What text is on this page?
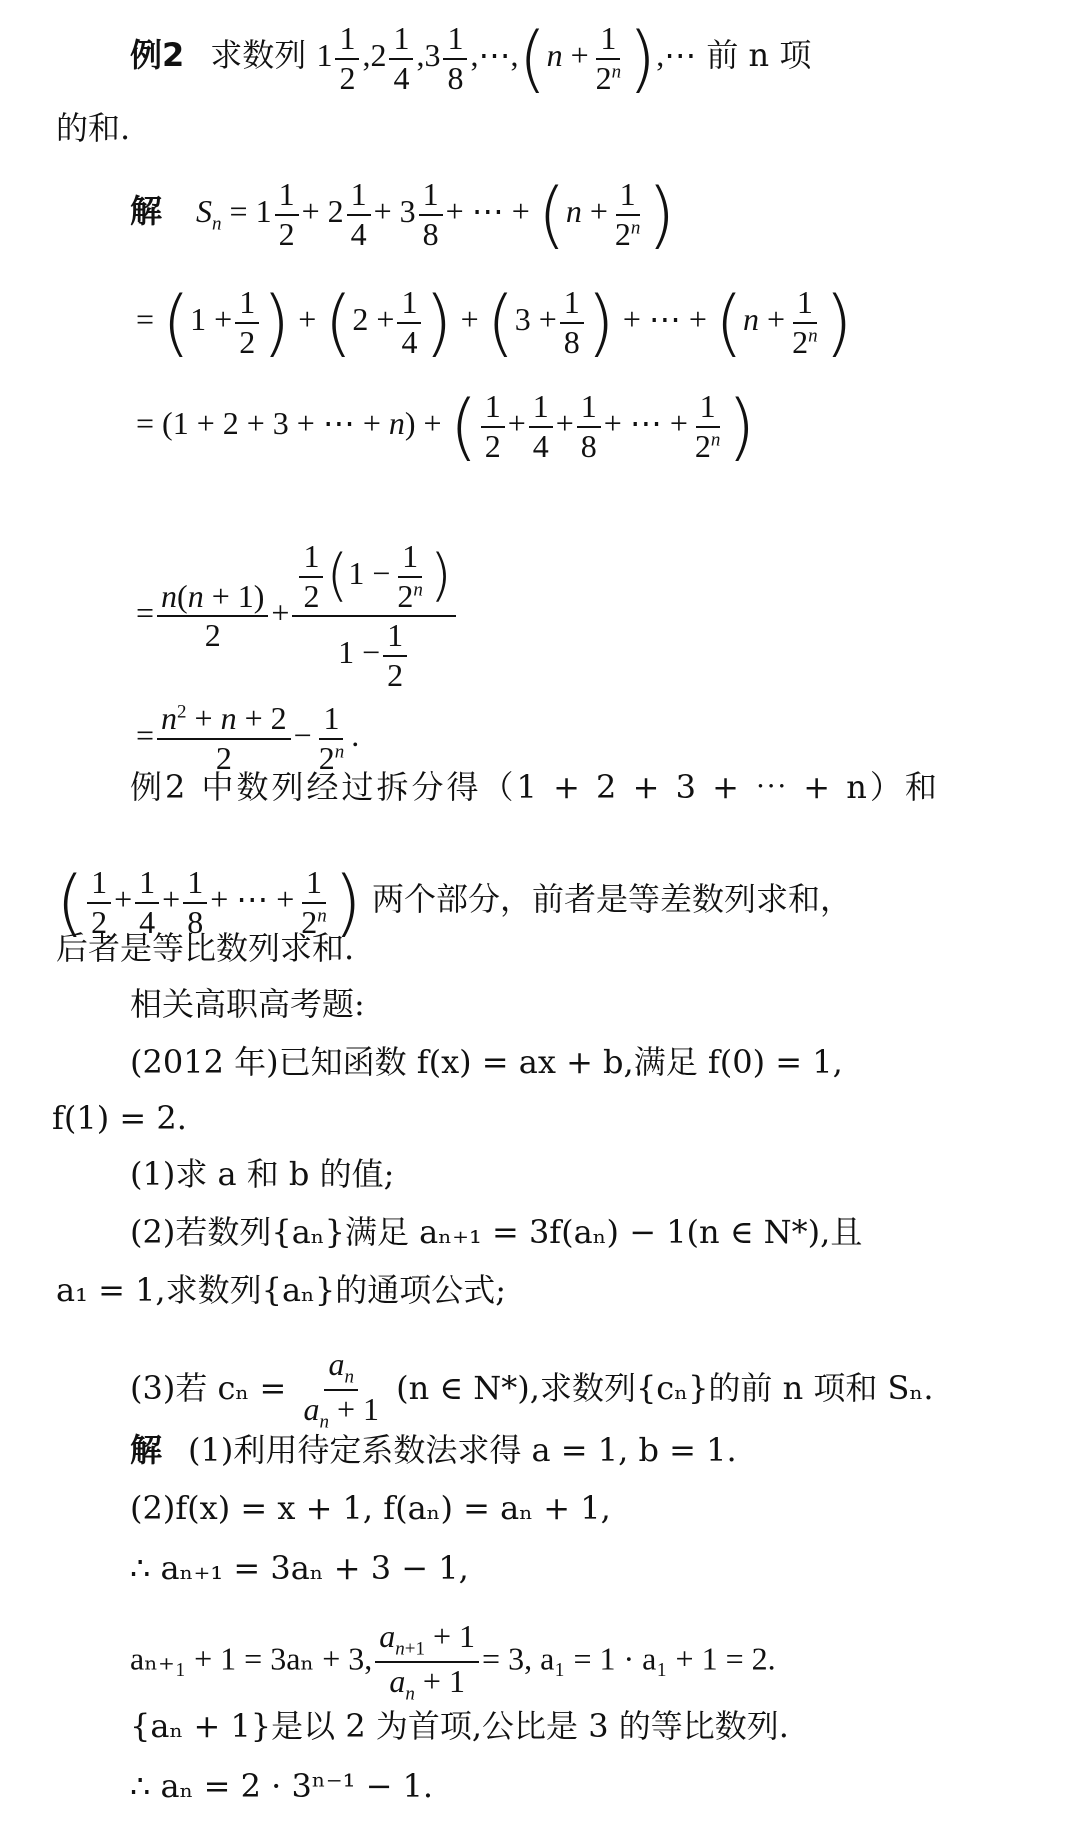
例2 求数列 $1 \frac{1}{2} ,2 \frac{1}{4} ,3 \frac{1}{8}$ ,⋯,(n + $\frac{1}{2^n}$ ),⋯ 前 n 项
的和.
解 $S_n = 1 \frac{1}{2} + 2 \frac{1}{4} + 3 \frac{1}{8}$ + ⋯ + ($n + \frac{1}{2^n}$ )
= ($1 + \frac{1}{2}$ ) + ($2 + \frac{1}{4}$ ) + ($3 + \frac{1}{8}$ ) + ⋯ + ($n + \frac{1}{2^n}$ )
= (1 + 2 + 3 + ⋯ + n) + ( $\frac{1}{2} + \frac{1}{4} + \frac{1}{8}$ + ⋯ + $\frac{1}{2^n}$ )
= $\frac{n(n + 1)}{2} + \frac{\frac{1}{2} (1 - \frac{1}{2^n} )}{1 - \frac{1}{2}}$
= $\frac{n^2 + n + 2}{2} - \frac{1}{2^n}$ .
例2 中数列经过拆分得（1 + 2 + 3 + ⋯ + n）和
( $\frac{1}{2} + \frac{1}{4} + \frac{1}{8}$ + ⋯ + $\frac{1}{2^n}$ ) 两个部分，前者是等差数列求和，
后者是等比数列求和.
相关高职高考题:
(2012 年)已知函数 f(x) = ax + b,满足 f(0) = 1,
f(1) = 2.
(1)求 a 和 b 的值;
(2)若数列{aₙ}满足 aₙ₊₁ = 3f(aₙ) − 1(n ∈ N*),且
a₁ = 1,求数列{aₙ}的通项公式;
(3)若 $c_n = \frac{a_n}{a_n + 1} (n$ ∈ N*),求数列{cₙ}的前 n 项和 Sₙ.
解 (1)利用待定系数法求得 a = 1, b = 1.
(2)f(x) = x + 1, f(aₙ) = aₙ + 1,
∴ aₙ₊₁ = 3aₙ + 3 − 1,
aₙ₊₁ + 1 = 3aₙ + 3, $\frac{a_{n+1} + 1}{a_n + 1} = 3$, a₁ = 1 · a₁ + 1 = 2.
{aₙ + 1}是以 2 为首项,公比是 3 的等比数列.
∴ aₙ = 2 · 3ⁿ⁻¹ − 1.
